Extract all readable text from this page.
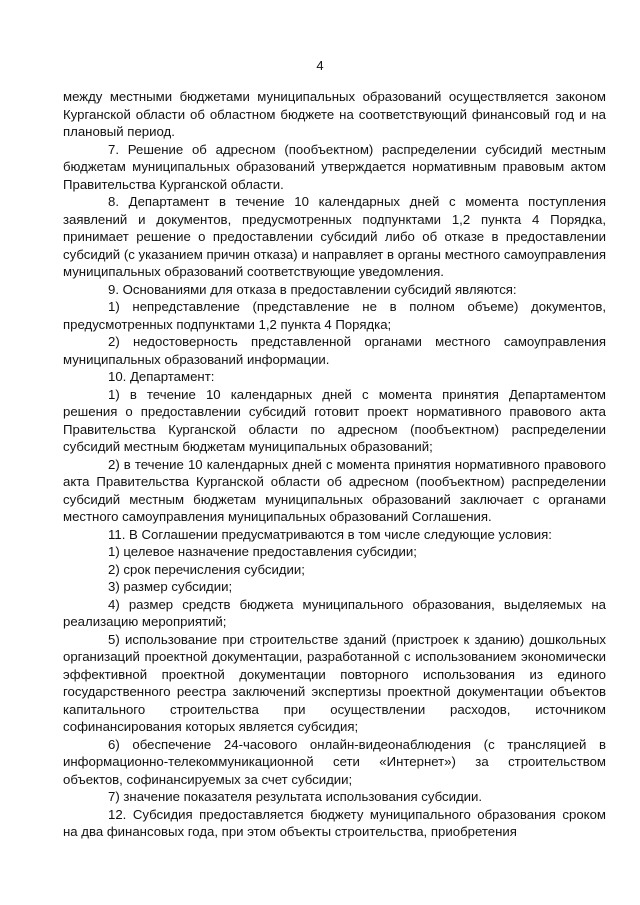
4

между местными бюджетами муниципальных образований осуществляется законом Курганской области об областном бюджете на соответствующий финансовый год и на плановый период.

7. Решение об адресном (пообъектном) распределении субсидий местным бюджетам муниципальных образований утверждается нормативным правовым актом Правительства Курганской области.

8. Департамент в течение 10 календарных дней с момента поступления заявлений и документов, предусмотренных подпунктами 1,2 пункта 4 Порядка, принимает решение о предоставлении субсидий либо об отказе в предоставлении субсидий (с указанием причин отказа) и направляет в органы местного самоуправления муниципальных образований соответствующие уведомления.

9. Основаниями для отказа в предоставлении субсидий являются:

1) непредставление (представление не в полном объеме) документов, предусмотренных подпунктами 1,2 пункта 4 Порядка;

2) недостоверность представленной органами местного самоуправления муниципальных образований информации.

10. Департамент:

1) в течение 10 календарных дней с момента принятия Департаментом решения о предоставлении субсидий готовит проект нормативного правового акта Правительства Курганской области по адресном (пообъектном) распределении субсидий местным бюджетам муниципальных образований;

2) в течение 10 календарных дней с момента принятия нормативного правового акта Правительства Курганской области об адресном (пообъектном) распределении субсидий местным бюджетам муниципальных образований заключает с органами местного самоуправления муниципальных образований Соглашения.

11. В Соглашении предусматриваются в том числе следующие условия:

1) целевое назначение предоставления субсидии;

2) срок перечисления субсидии;

3) размер субсидии;

4) размер средств бюджета муниципального образования, выделяемых на реализацию мероприятий;

5) использование при строительстве зданий (пристроек к зданию) дошкольных организаций проектной документации, разработанной с использованием экономически эффективной проектной документации повторного использования из единого государственного реестра заключений экспертизы проектной документации объектов капитального строительства при осуществлении расходов, источником софинансирования которых является субсидия;

6) обеспечение 24-часового онлайн-видеонаблюдения (с трансляцией в информационно-телекоммуникационной сети «Интернет») за строительством объектов, софинансируемых за счет субсидии;

7) значение показателя результата использования субсидии.

12. Субсидия предоставляется бюджету муниципального образования сроком на два финансовых года, при этом объекты строительства, приобретения
